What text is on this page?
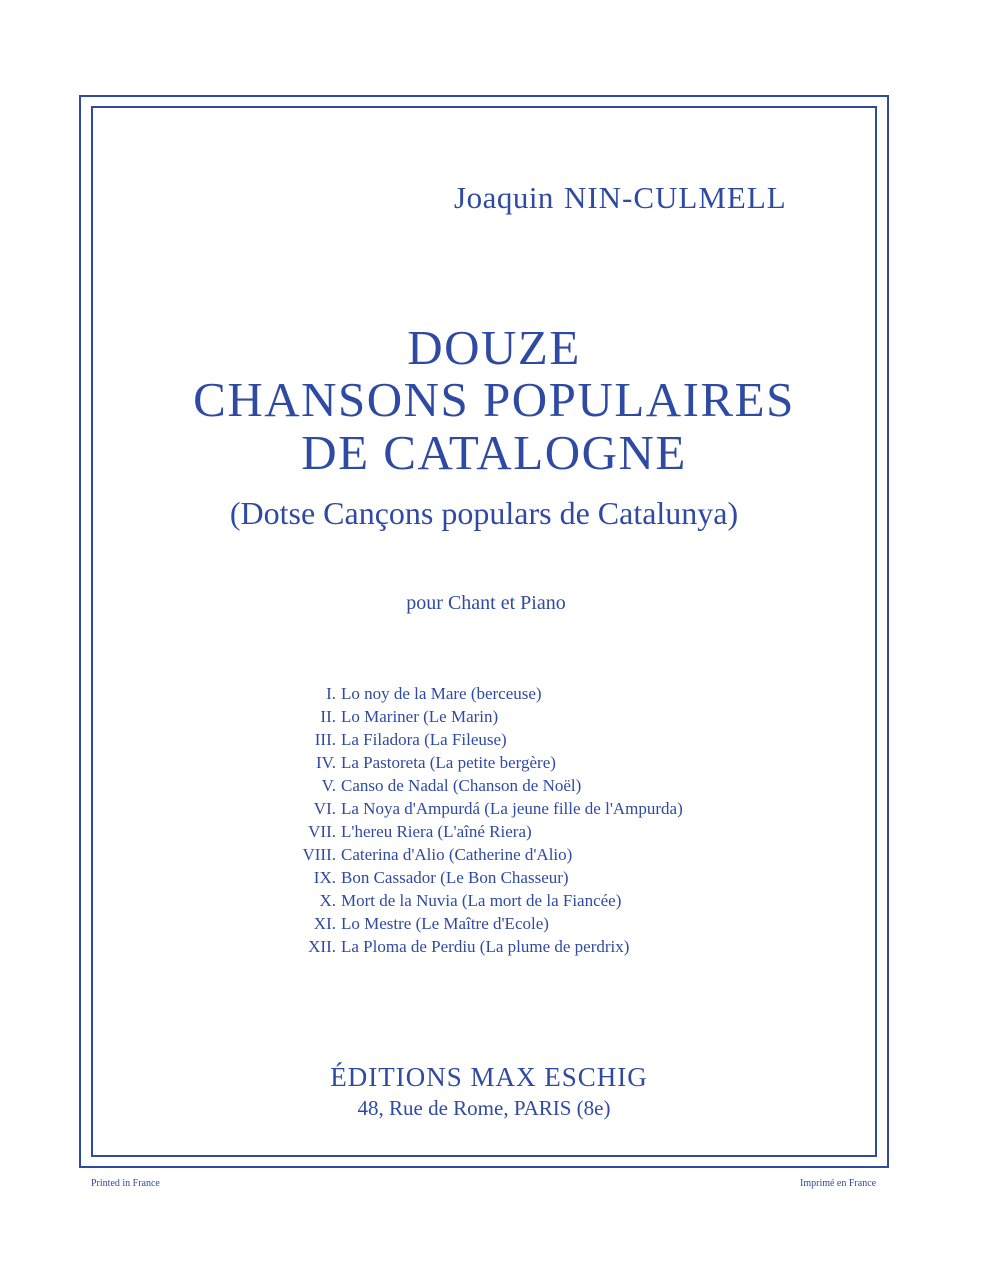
Joaquin NIN-CULMELL
DOUZE
CHANSONS POPULAIRES
DE CATALOGNE
(Dotse Cançons populars de Catalunya)
pour Chant et Piano
I. Lo noy de la Mare (berceuse)
II. Lo Mariner (Le Marin)
III. La Filadora (La Fileuse)
IV. La Pastoreta (La petite bergère)
V. Canso de Nadal (Chanson de Noël)
VI. La Noya d'Ampurdá (La jeune fille de l'Ampurda)
VII. L'hereu Riera (L'aîné Riera)
VIII. Caterina d'Alio (Catherine d'Alio)
IX. Bon Cassador (Le Bon Chasseur)
X. Mort de la Nuvia (La mort de la Fiancée)
XI. Lo Mestre (Le Maître d'Ecole)
XII. La Ploma de Perdiu (La plume de perdrix)
ÉDITIONS MAX ESCHIG
48, Rue de Rome, PARIS (8e)
Printed in France	Imprimé en France
